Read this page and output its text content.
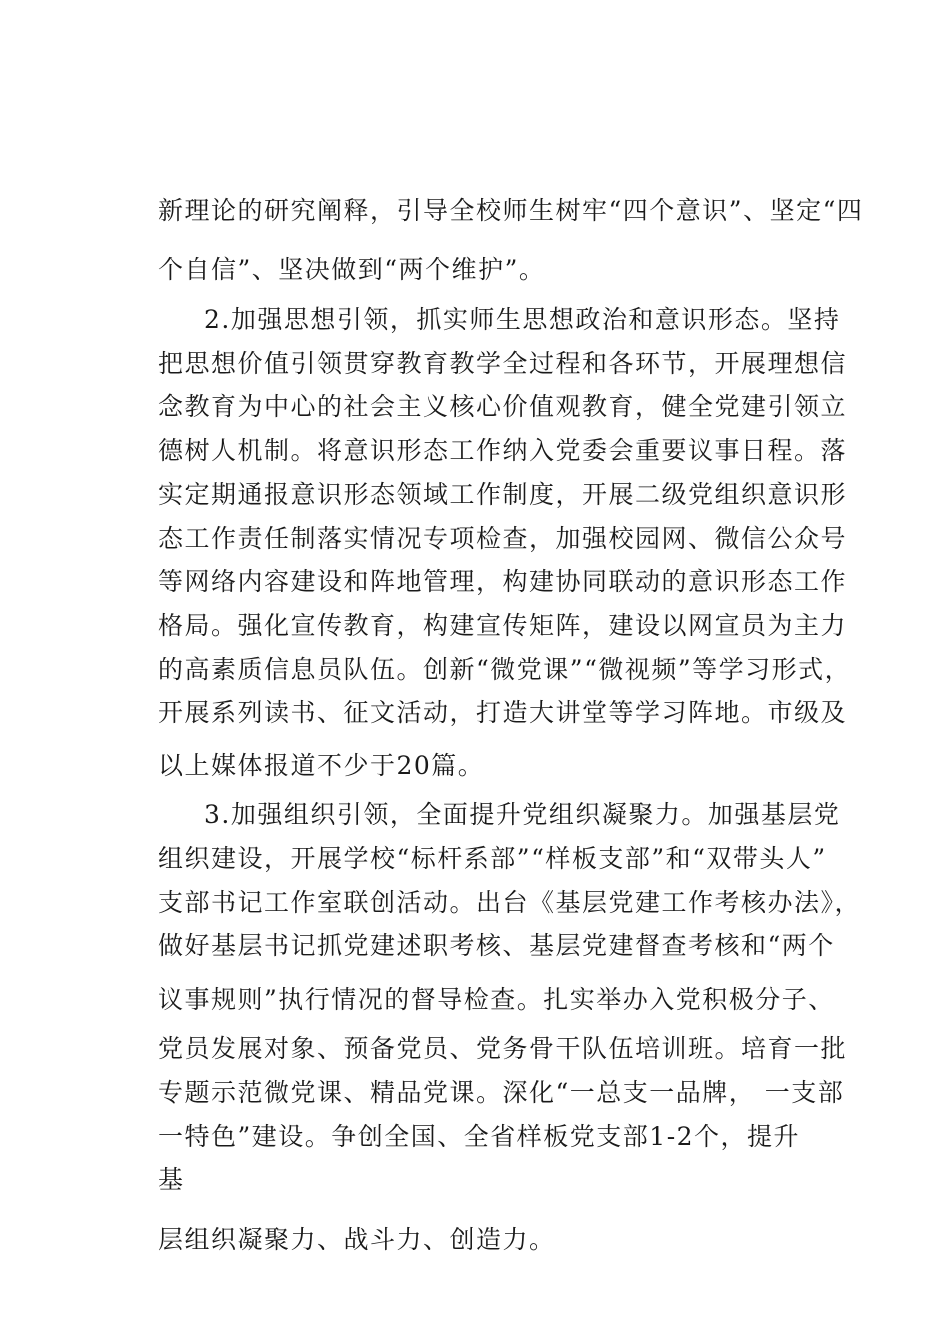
新理论的研究阐释，引导全校师生树牢“四个意识”、坚定“四
个自信”、坚决做到“两个维护”。
2.加强思想引领，抓实师生思想政治和意识形态。坚持
把思想价值引领贯穿教育教学全过程和各环节，开展理想信
念教育为中心的社会主义核心价值观教育，健全党建引领立
德树人机制。将意识形态工作纳入党委会重要议事日程。落
实定期通报意识形态领域工作制度，开展二级党组织意识形
态工作责任制落实情况专项检查，加强校园网、微信公众号
等网络内容建设和阵地管理，构建协同联动的意识形态工作
格局。强化宣传教育，构建宣传矩阵，建设以网宣员为主力
的高素质信息员队伍。创新“微党课”“微视频”等学习形式，
开展系列读书、征文活动，打造大讲堂等学习阵地。市级及
以上媒体报道不少于20篇。
3.加强组织引领，全面提升党组织凝聚力。加强基层党
组织建设，开展学校“标杆系部”“样板支部”和“双带头人”
支部书记工作室联创活动。出台《基层党建工作考核办法》，
做好基层书记抓党建述职考核、基层党建督查考核和“两个
议事规则”执行情况的督导检查。扎实举办入党积极分子、
党员发展对象、预备党员、党务骨干队伍培训班。培育一批
专题示范微党课、精品党课。深化“一总支一品牌， 一支部
一特色”建设。争创全国、全省样板党支部1-2个，提升
基
层组织凝聚力、战斗力、创造力。
